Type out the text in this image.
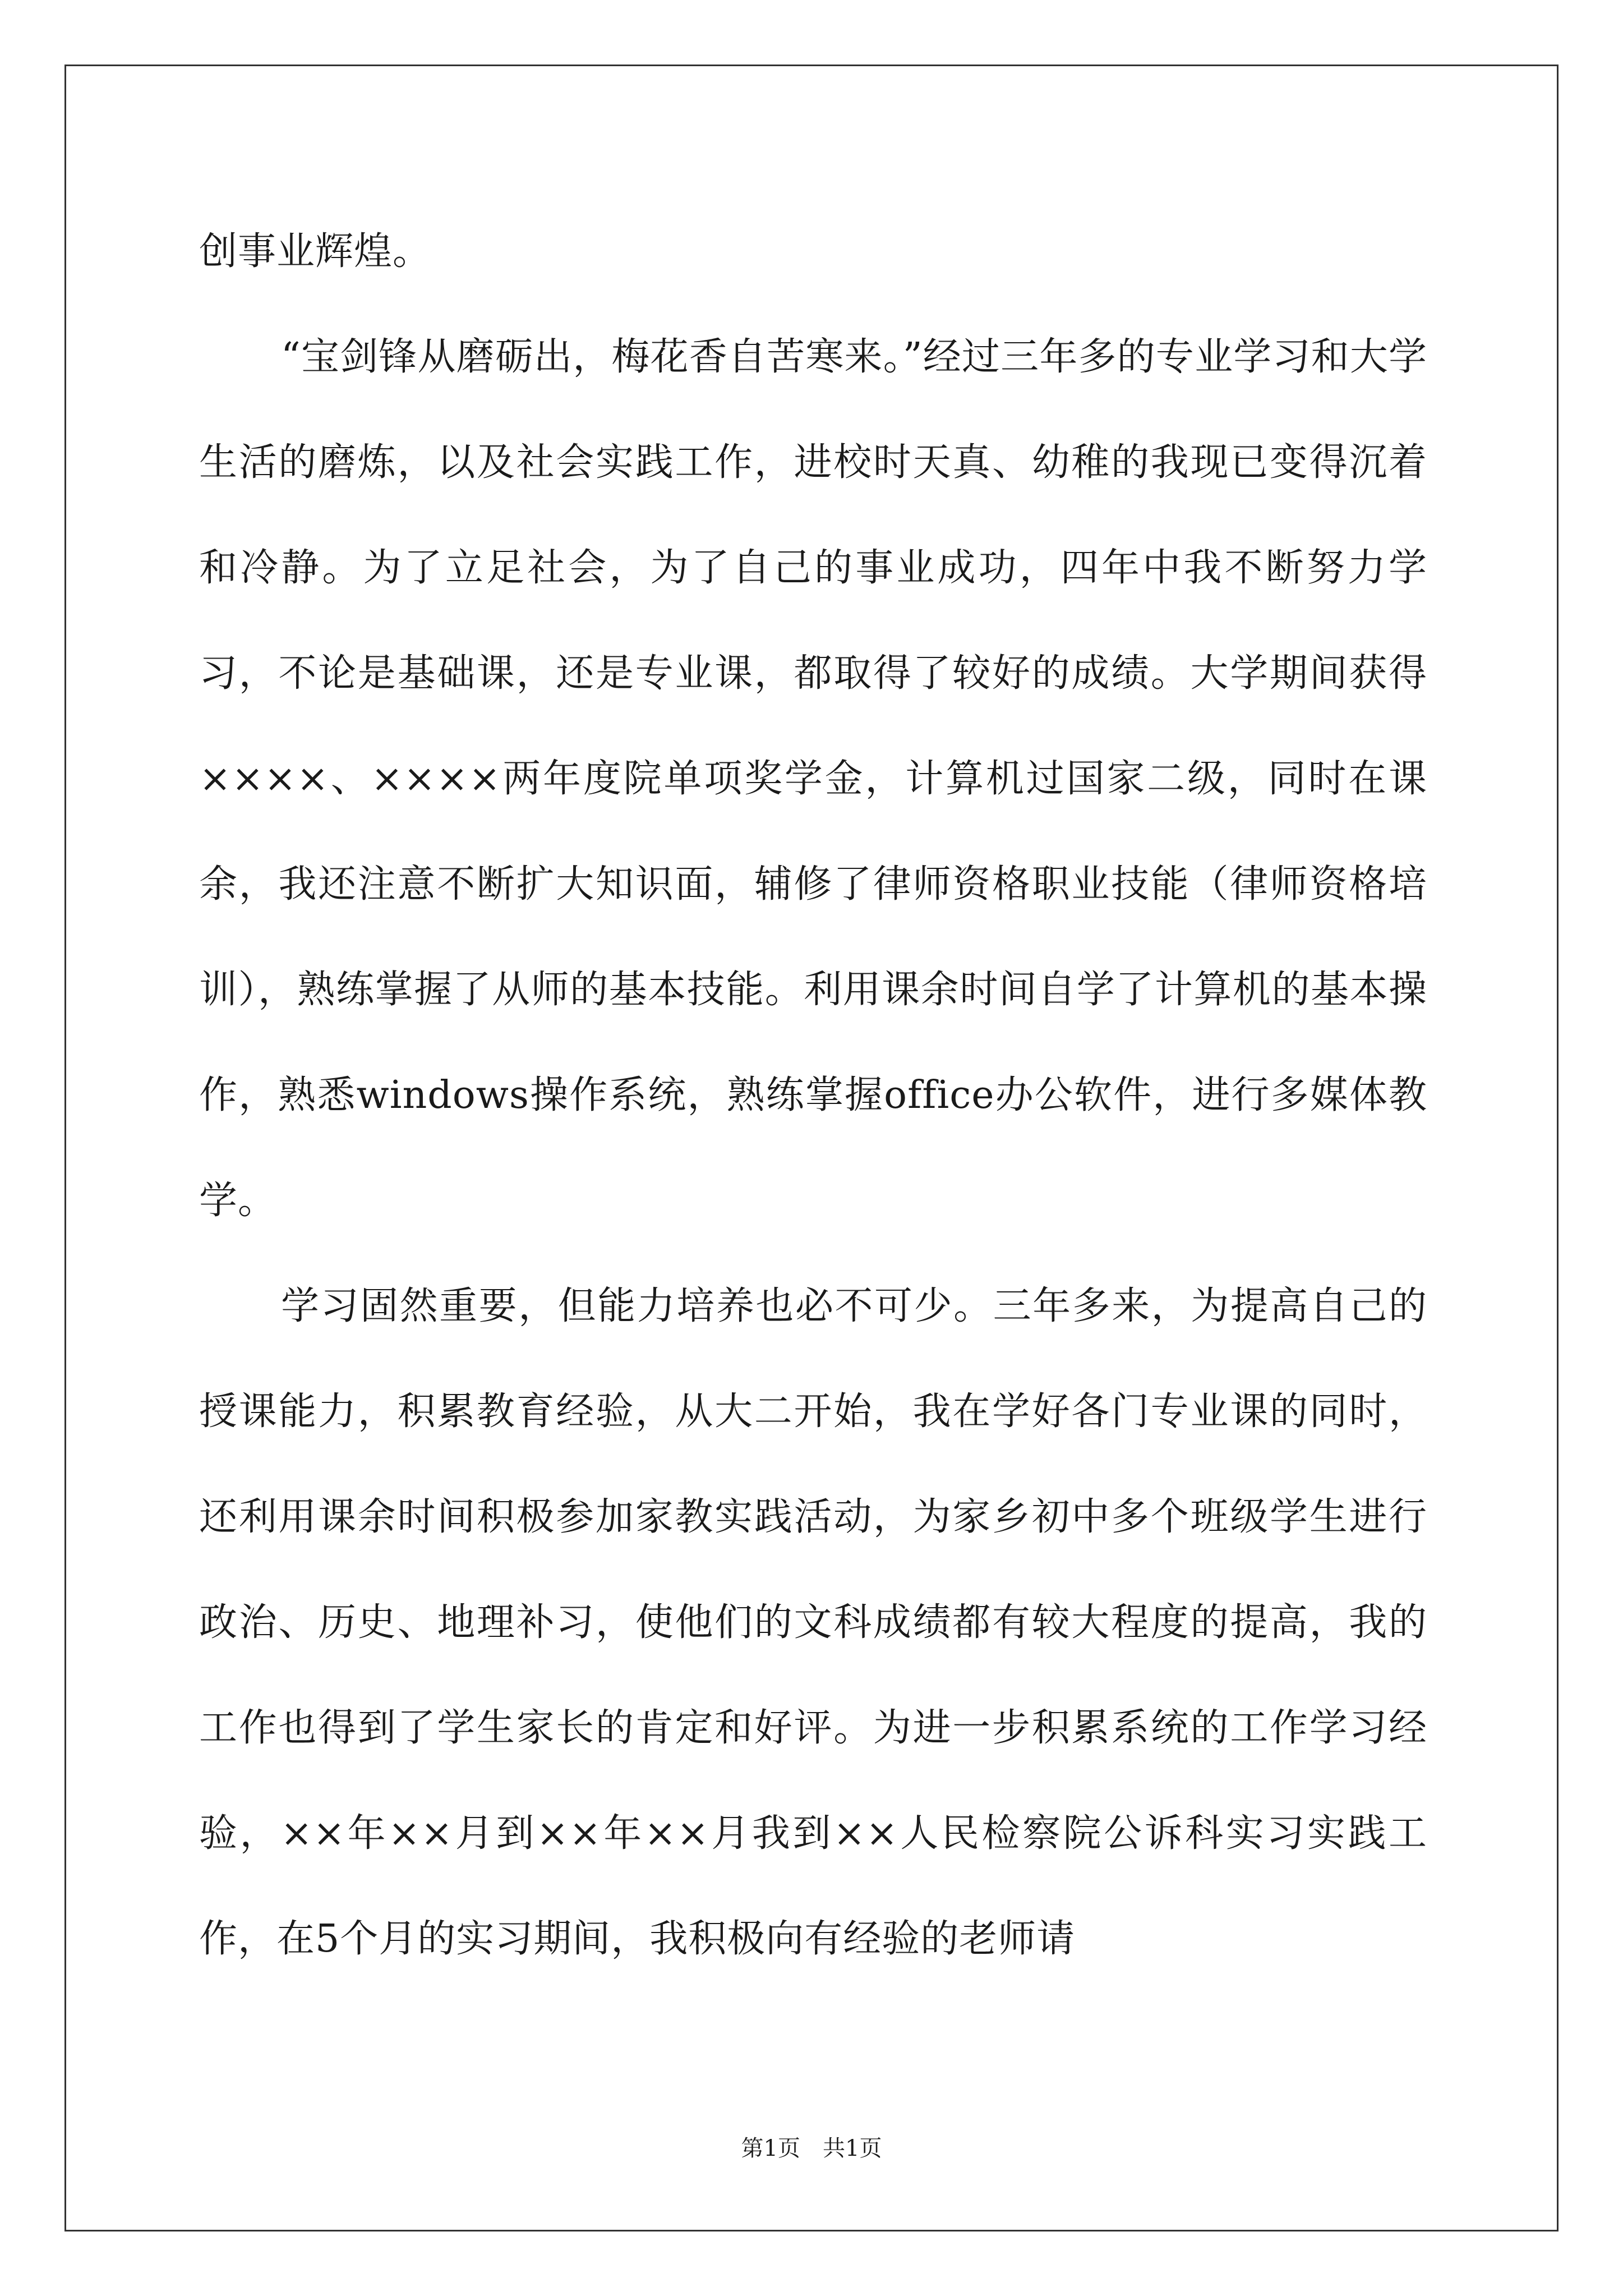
创事业辉煌。

“宝剑锋从磨砺出，梅花香自苦寒来。”经过三年多的专业学习和大学生活的磨炼，以及社会实践工作，进校时天真、幼稚的我现已变得沉着和冷静。为了立足社会，为了自己的事业成功，四年中我不断努力学习，不论是基础课，还是专业课，都取得了较好的成绩。大学期间获得××××、××××两年度院单项奖学金，计算机过国家二级，同时在课余，我还注意不断扩大知识面，辅修了律师资格职业技能（律师资格培训），熟练掌握了从师的基本技能。利用课余时间自学了计算机的基本操作，熟悉windows操作系统，熟练掌握office办公软件，进行多媒体教学。

学习固然重要，但能力培养也必不可少。三年多来，为提高自己的授课能力，积累教育经验，从大二开始，我在学好各门专业课的同时，还利用课余时间积极参加家教实践活动，为家乡初中多个班级学生进行政治、历史、地理补习，使他们的文科成绩都有较大程度的提高，我的工作也得到了学生家长的肯定和好评。为进一步积累系统的工作学习经验，××年××月到××年××月我到××人民检察院公诉科实习实践工作，在5个月的实习期间，我积极向有经验的老师请

第1页 共1页
